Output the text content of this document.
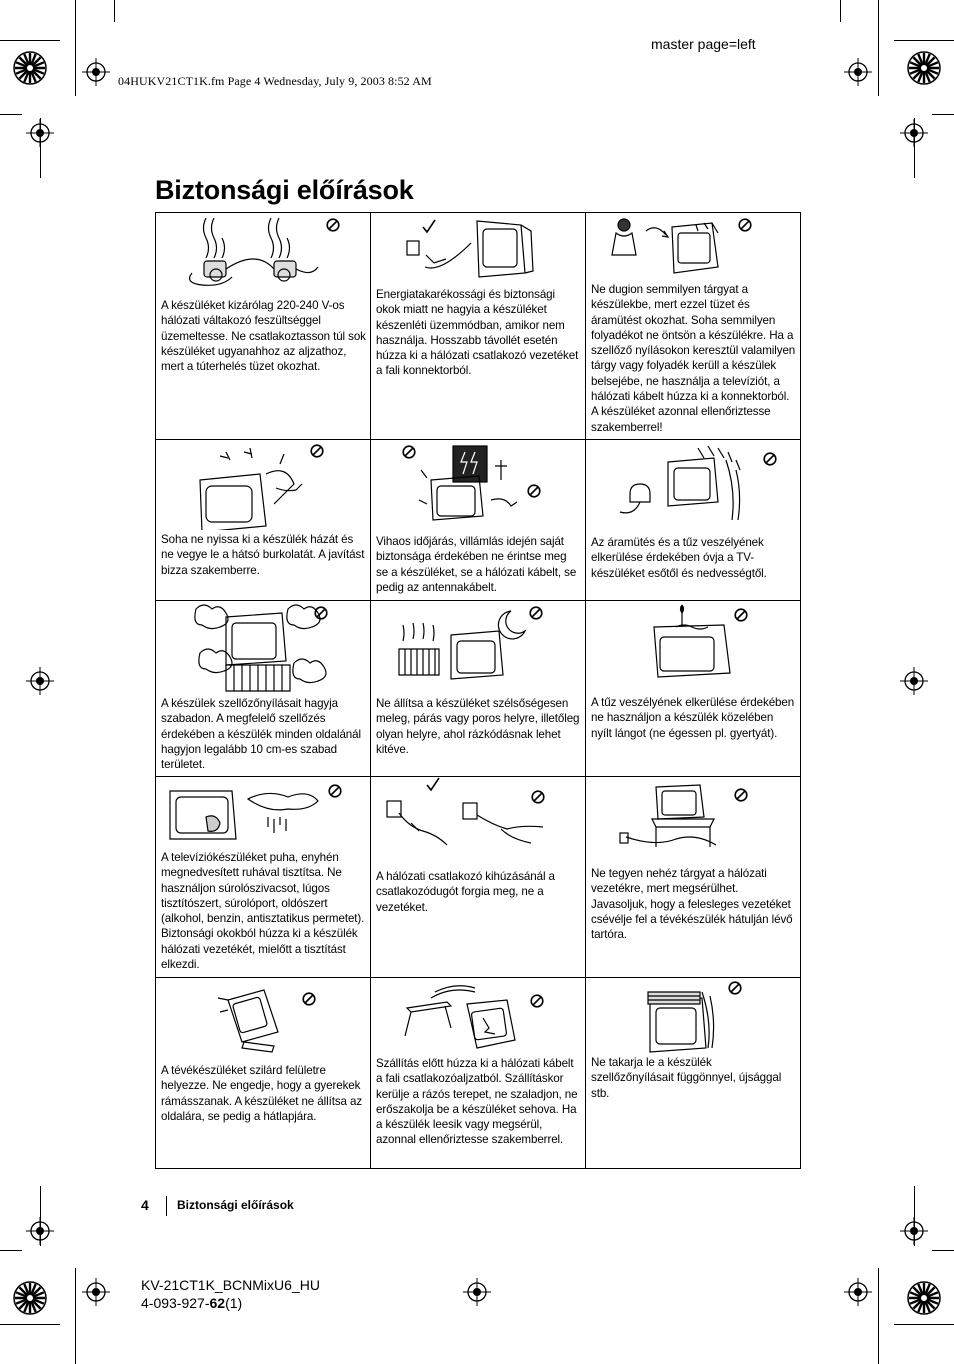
master page=left
04HUKV21CT1K.fm Page 4 Wednesday, July 9, 2003 8:52 AM
Biztonsági előírások
A készüléket kizárólag 220-240 V-os hálózati váltakozó feszültséggel üzemeltesse. Ne csatlakoztasson túl sok készüléket ugyanahhoz az aljzathoz, mert a túterhelés tüzet okozhat.	Energiatakarékossági és biztonsági okok miatt ne hagyia a készüléket készenléti üzemmódban, amikor nem használja. Hosszabb távollét esetén húzza ki a hálózati csatlakozó vezetéket a fali konnektorból.	Ne dugion semmilyen tárgyat a készülekbe, mert ezzel tüzet és áramütést okozhat. Soha semmilyen folyadékot ne öntsön a készülékre. Ha a szellőző nyílásokon keresztül valamilyen tárgy vagy folyadék kerüll a készülek belsejébe, ne használja a televíziót, a hálózati kábelt húzza ki a konnektorból. A készüléket azonnal ellenőriztesse szakemberrel!

Soha ne nyissa ki a készülék házát és ne vegye le a hátsó burkolatát. A javítást bizza szakemberre.	Vihaos időjárás, villámlás idején saját biztonsága érdekében ne érintse meg se a készüléket, se a hálózati kábelt, se pedig az antennakábelt.	Az áramütés és a tűz veszélyének elkerülése érdekében óvja a TV-készüléket esőtől és nedvességtől.

A készülek szellőzőnyílásait hagyja szabadon. A megfelelő szellőzés érdekében a készülék minden oldalánál hagyjon legalább 10 cm-es szabad területet.	Ne állítsa a készüléket szélsőségesen meleg, párás vagy poros helyre, illetőleg olyan helyre, ahol rázkódásnak lehet kitéve.	A tűz veszélyének elkerülése érdekében ne használjon a készülék közelében nyílt lángot (ne égessen pl. gyertyát).

A televíziókészüléket puha, enyhén megnedvesített ruhával tisztítsa. Ne használjon súrolószivacsot, lúgos tisztítószert, súrolóport, oldószert (alkohol, benzin, antisztatikus permetet). Biztonsági okokból húzza ki a készülék hálózati vezetékét, mielőtt a tisztítást elkezdi.	A hálózati csatlakozó kihúzásánál a csatlakozódugót forgia meg, ne a vezetéket.	Ne tegyen nehéz tárgyat a hálózati vezetékre, mert megsérülhet. Javasoljuk, hogy a felesleges vezetéket csévélje fel a tévékészülék hátulján lévő tartóra.

A tévékészüléket szilárd felületre helyezze. Ne engedje, hogy a gyerekek rámásszanak. A készüléket ne állítsa az oldalára, se pedig a hátlapjára.	Szállítás előtt húzza ki a hálózati kábelt a fali csatlakozóaljzatból. Szállításkor kerülje a rázós terepet, ne szaladjon, ne erőszakolja be a készüléket sehova. Ha a készülék leesik vagy megsérül, azonnal ellenőriztesse szakemberrel.	Ne takarja le a készülék szellőzőnyílásait függönnyel, újsággal stb.
4 Biztonsági előírások
KV-21CT1K_BCNMixU6_HU
4-093-927-62(1)
